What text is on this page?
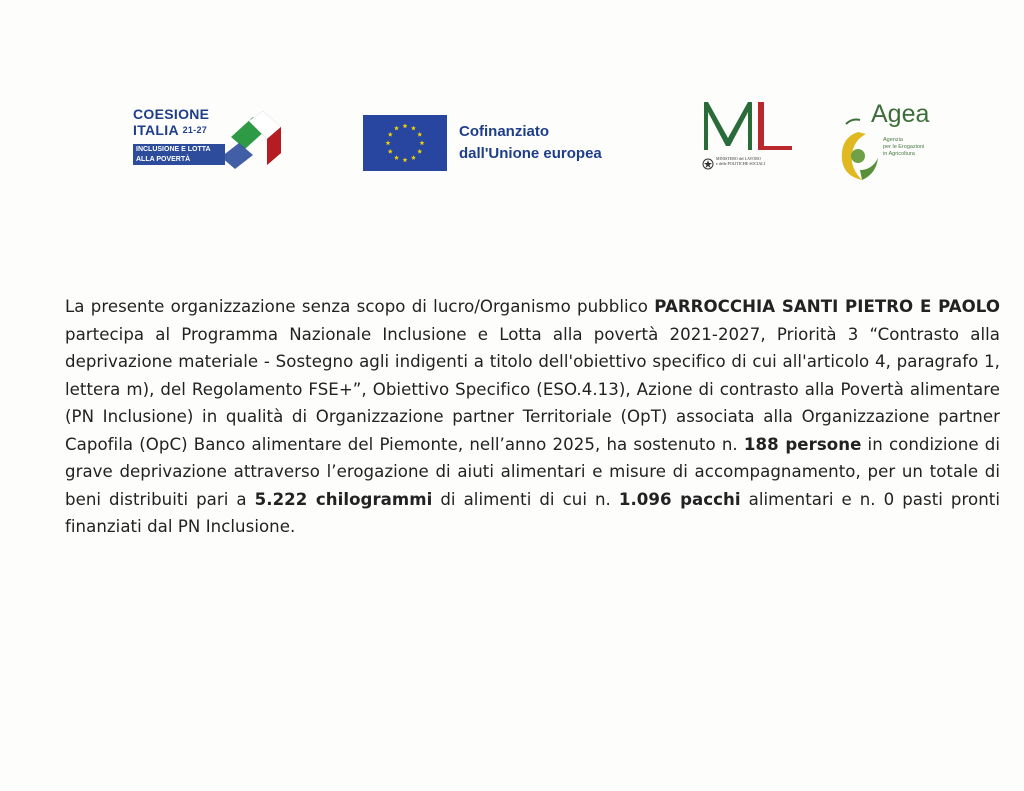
COESIONE
ITALIA 21-27
INCLUSIONE E LOTTA
ALLA POVERTÀ
Cofinanziato
dall'Unione europea	MINISTERO del LAVORO
e delle POLITICHE SOCIALI
Agea
Agenzia
per le Erogazioni
in Agricoltura
La presente organizzazione senza scopo di lucro/Organismo pubblico PARROCCHIA SANTI PIETRO E PAOLO partecipa al Programma Nazionale Inclusione e Lotta alla povertà 2021-2027, Priorità 3 “Contrasto alla deprivazione materiale - Sostegno agli indigenti a titolo dell'obiettivo specifico di cui all'articolo 4, paragrafo 1, lettera m), del Regolamento FSE+”, Obiettivo Specifico (ESO.4.13), Azione di contrasto alla Povertà alimentare (PN Inclusione) in qualità di Organizzazione partner Territoriale (OpT) associata alla Organizzazione partner Capofila (OpC) Banco alimentare del Piemonte, nell’anno 2025, ha sostenuto n. 188 persone in condizione di grave deprivazione attraverso l’erogazione di aiuti alimentari e misure di accompagnamento, per un totale di beni distribuiti pari a 5.222 chilogrammi di alimenti di cui n. 1.096 pacchi alimentari e n. 0 pasti pronti finanziati dal PN Inclusione.
